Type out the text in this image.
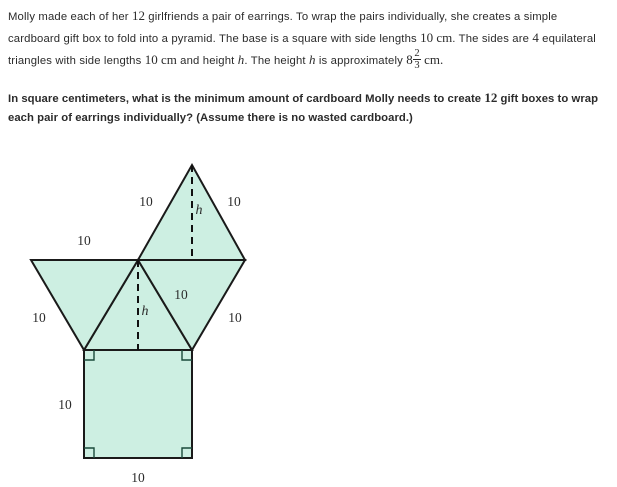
Molly made each of her 12 girlfriends a pair of earrings. To wrap the pairs individually, she creates a simple cardboard gift box to fold into a pyramid. The base is a square with side lengths 10 cm. The sides are 4 equilateral triangles with side lengths 10 cm and height h. The height h is approximately $8 \frac{2}{3}$ cm.

In square centimeters, what is the minimum amount of cardboard Molly needs to create 12 gift boxes to wrap each pair of earrings individually? (Assume there is no wasted cardboard.)

10	10
h
10
10
10
h	10
10
10
